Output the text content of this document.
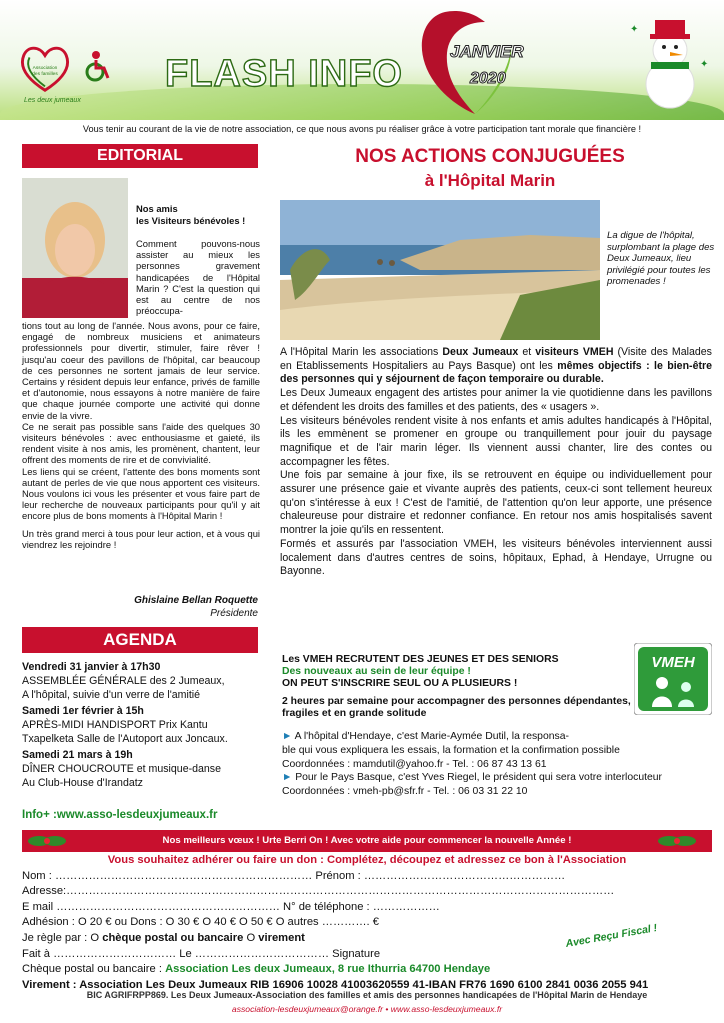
Association
des familles
Les deux jumeaux
FLASH INFO
JANVIER
2020
✦
✦
Vous tenir au courant de la vie de notre association, ce que nous avons pu réaliser grâce à votre participation tant morale que financière !
EDITORIAL
Nos amis
les Visiteurs bénévoles !
Comment pouvons-nous assister au mieux les personnes gravement handicapées de l'Hôpital Marin ? C'est la question qui est au centre de nos préoccupa-
tions tout au long de l'année. Nous avons, pour ce faire, engagé de nombreux musiciens et animateurs professionnels pour divertir, stimuler, faire rêver ! jusqu'au coeur des pavillons de l'hôpital, car beaucoup de ces personnes ne sortent jamais de leur service. Certains y résident depuis leur enfance, privés de famille et d'autonomie, nous essayons à notre manière de faire que chaque journée comporte une activité qui donne envie de la vivre.
Ce ne serait pas possible sans l'aide des quelques 30 visiteurs bénévoles : avec enthousiasme et gaieté, ils rendent visite à nos amis, les promènent, chantent, leur offrent des moments de rire et de convivialité.
Les liens qui se créent, l'attente des bons moments sont autant de perles de vie que nous apportent ces visiteurs. Nous voulons ici vous les présenter et vous faire part de leur recherche de nouveaux participants pour qu'il y ait encore plus de bons moments à l'Hôpital Marin !
Un très grand merci à tous pour leur action, et à vous qui viendrez les rejoindre !
Ghislaine Bellan Roquette
Présidente
AGENDA
Vendredi 31 janvier à 17h30
ASSEMBLÉE GÉNÉRALE des 2 Jumeaux,
A l'hôpital, suivie d'un verre de l'amitié
Samedi 1er février à 15h
APRÈS-MIDI HANDISPORT Prix Kantu
Txapelketa Salle de l'Autoport aux Joncaux.
Samedi 21 mars à 19h
DÎNER CHOUCROUTE et musique-danse
Au Club-House d'Irandatz
Info+ :www.asso-lesdeuxjumeaux.fr
NOS ACTIONS CONJUGUÉES
à l'Hôpital Marin
La digue de l'hôpital, surplombant la plage des Deux Jumeaux, lieu privilégié pour toutes les promenades !

A l'Hôpital Marin les associations Deux Jumeaux et visiteurs VMEH (Visite des Malades en Etablissements Hospitaliers au Pays Basque) ont les mêmes objectifs : le bien-être des personnes qui y séjournent de façon temporaire ou durable.

Les Deux Jumeaux engagent des artistes pour animer la vie quotidienne dans les pavillons et défendent les droits des familles et des patients, des « usagers ».

Les visiteurs bénévoles rendent visite à nos enfants et amis adultes handicapés à l'Hôpital, ils les emmènent se promener en groupe ou tranquillement pour jouir du paysage magnifique et de l'air marin léger. Ils viennent aussi chanter, lire des contes ou accompagner les fêtes.

Une fois par semaine à jour fixe, ils se retrouvent en équipe ou individuellement pour assurer une présence gaie et vivante auprès des patients, ceux-ci sont tellement heureux qu'on s'intéresse à eux ! C'est de l'amitié, de l'attention qu'on leur apporte, une présence chaleureuse pour distraire et redonner confiance. En retour nos amis hospitalisés savent montrer la joie qu'ils en ressentent.

Formés et assurés par l'association VMEH, les visiteurs bénévoles interviennent aussi localement dans d'autres centres de soins, hôpitaux, Ephad, à Hendaye, Urrugne ou Bayonne.

VMEH
Les VMEH RECRUTENT DES JEUNES ET DES SENIORS
Des nouveaux au sein de leur équipe !
ON PEUT S'INSCRIRE SEUL OU A PLUSIEURS !
2 heures par semaine pour accompagner des personnes dépendantes, fragiles et en grande solitude
► A l'hôpital d'Hendaye, c'est Marie-Aymée Dutil, la responsa-
ble qui vous expliquera les essais, la formation et la confirmation possible
Coordonnées : mamdutil@yahoo.fr - Tel. : 06 87 43 13 61
► Pour le Pays Basque, c'est Yves Riegel, le président qui sera votre interlocuteur
Coordonnées : vmeh-pb@sfr.fr - Tel. : 06 03 31 22 10
Nos meilleurs vœux ! Urte Berri On ! Avec votre aide pour commencer la nouvelle Année !
Vous souhaitez adhérer ou faire un don : Complétez, découpez et adressez ce bon à l'Association
Nom : …………………………………………………………… Prénom : ………………………………………………
Adresse:…………………………………………………………………………………………………………………………………
E mail …………………………………………………… N° de téléphone : ………………
Adhésion : O 20 € ou Dons : O 30 € O 40 € O 50 € O autres …………. €
Je règle par : O chèque postal ou bancaire O virement
Fait à …………………………… Le ……………………………… Signature
Chèque postal ou bancaire : Association Les deux Jumeaux, 8 rue Ithurria 64700 Hendaye
Virement : Association Les Deux Jumeaux RIB 16906 10028 41003620559 41-IBAN FR76 1690 6100 2841 0036 2055 941
Avec Reçu Fiscal !
BIC AGRIFRPP869. Les Deux Jumeaux-Association des familles et amis des personnes handicapées de l'Hôpital Marin de Hendaye
association-lesdeuxjumeaux@orange.fr • www.asso-lesdeuxjumeaux.fr
